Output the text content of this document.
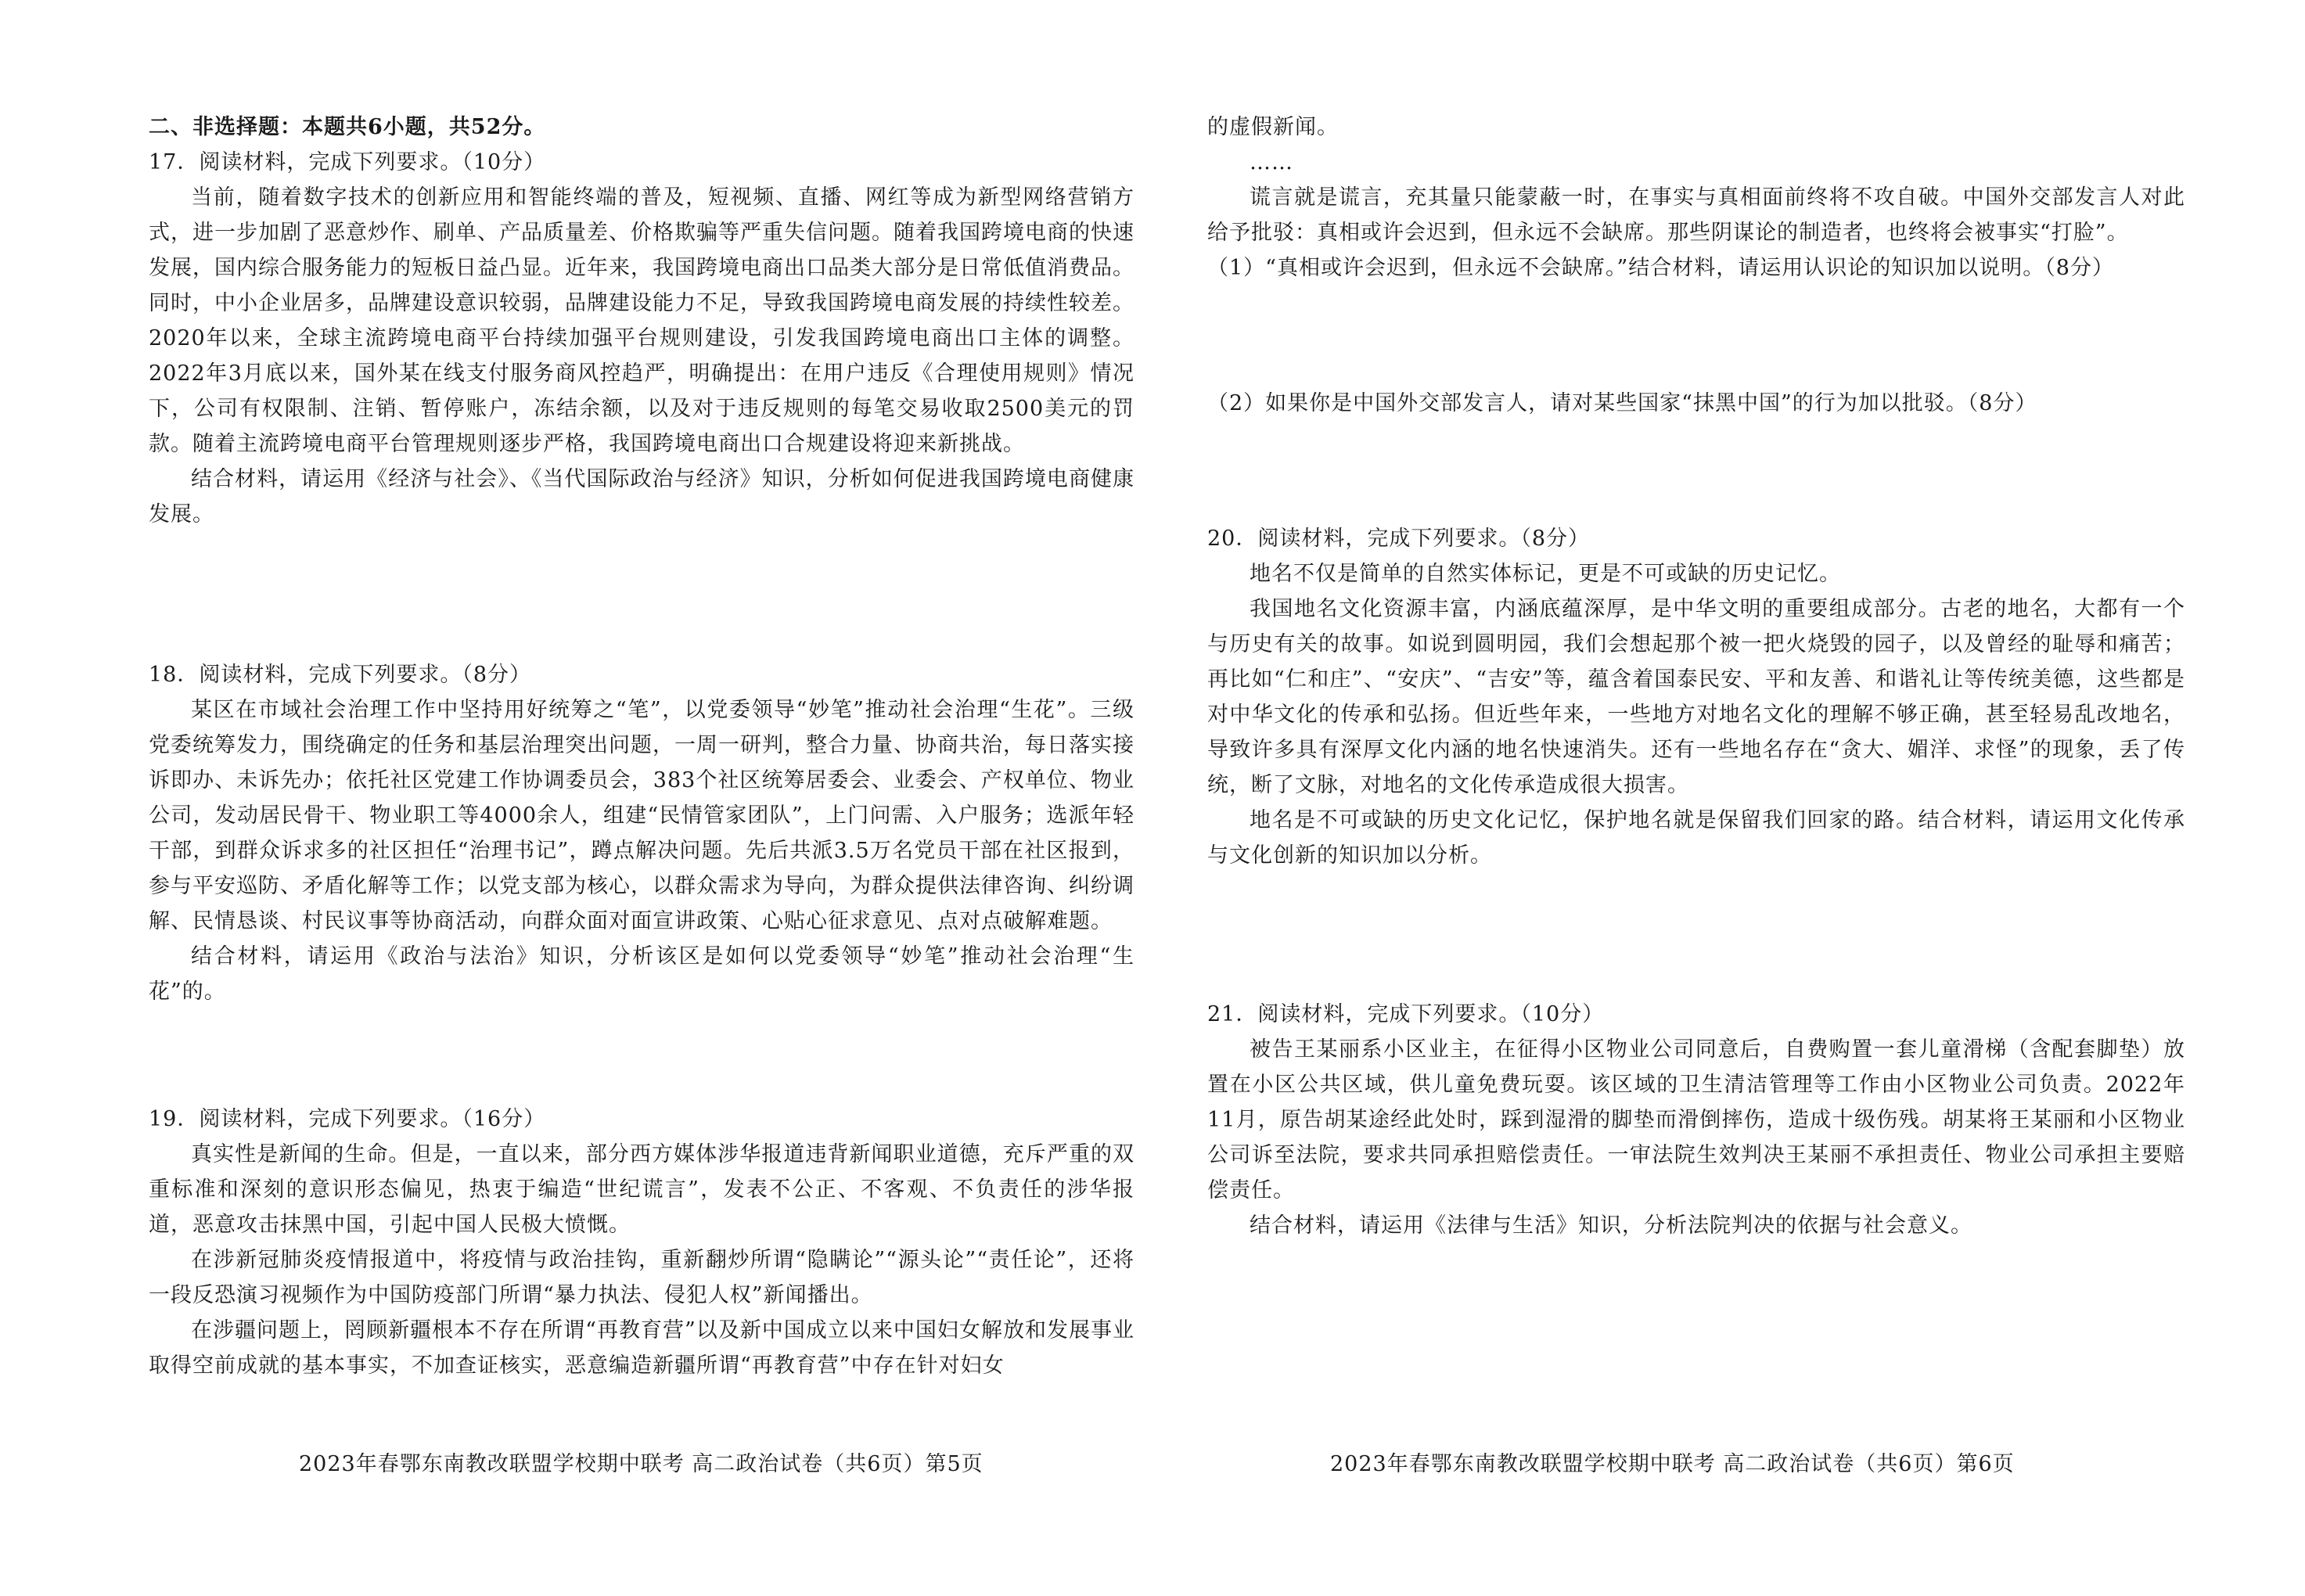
二、非选择题：本题共6小题，共52分。

17．阅读材料，完成下列要求。（10分）

当前，随着数字技术的创新应用和智能终端的普及，短视频、直播、网红等成为新型网络营销方式，进一步加剧了恶意炒作、刷单、产品质量差、价格欺骗等严重失信问题。随着我国跨境电商的快速发展，国内综合服务能力的短板日益凸显。近年来，我国跨境电商出口品类大部分是日常低值消费品。同时，中小企业居多，品牌建设意识较弱，品牌建设能力不足，导致我国跨境电商发展的持续性较差。2020年以来，全球主流跨境电商平台持续加强平台规则建设，引发我国跨境电商出口主体的调整。2022年3月底以来，国外某在线支付服务商风控趋严，明确提出：在用户违反《合理使用规则》情况下，公司有权限制、注销、暂停账户，冻结余额，以及对于违反规则的每笔交易收取2500美元的罚款。随着主流跨境电商平台管理规则逐步严格，我国跨境电商出口合规建设将迎来新挑战。

结合材料，请运用《经济与社会》、《当代国际政治与经济》知识，分析如何促进我国跨境电商健康发展。

18．阅读材料，完成下列要求。（8分）

某区在市域社会治理工作中坚持用好统筹之“笔”，以党委领导“妙笔”推动社会治理“生花”。三级党委统筹发力，围绕确定的任务和基层治理突出问题，一周一研判，整合力量、协商共治，每日落实接诉即办、未诉先办；依托社区党建工作协调委员会，383个社区统筹居委会、业委会、产权单位、物业公司，发动居民骨干、物业职工等4000余人，组建“民情管家团队”，上门问需、入户服务；选派年轻干部，到群众诉求多的社区担任“治理书记”，蹲点解决问题。先后共派3.5万名党员干部在社区报到，参与平安巡防、矛盾化解等工作；以党支部为核心，以群众需求为导向，为群众提供法律咨询、纠纷调解、民情恳谈、村民议事等协商活动，向群众面对面宣讲政策、心贴心征求意见、点对点破解难题。

结合材料，请运用《政治与法治》知识，分析该区是如何以党委领导“妙笔”推动社会治理“生花”的。

19．阅读材料，完成下列要求。（16分）

真实性是新闻的生命。但是，一直以来，部分西方媒体涉华报道违背新闻职业道德，充斥严重的双重标准和深刻的意识形态偏见，热衷于编造“世纪谎言”，发表不公正、不客观、不负责任的涉华报道，恶意攻击抹黑中国，引起中国人民极大愤慨。

在涉新冠肺炎疫情报道中，将疫情与政治挂钩，重新翻炒所谓“隐瞒论”“源头论”“责任论”，还将一段反恐演习视频作为中国防疫部门所谓“暴力执法、侵犯人权”新闻播出。

在涉疆问题上，罔顾新疆根本不存在所谓“再教育营”以及新中国成立以来中国妇女解放和发展事业取得空前成就的基本事实，不加查证核实，恶意编造新疆所谓“再教育营”中存在针对妇女

2023年春鄂东南教改联盟学校期中联考 高二政治试卷（共6页）第5页

的虚假新闻。

……

谎言就是谎言，充其量只能蒙蔽一时，在事实与真相面前终将不攻自破。中国外交部发言人对此给予批驳：真相或许会迟到，但永远不会缺席。那些阴谋论的制造者，也终将会被事实“打脸”。

（1）“真相或许会迟到，但永远不会缺席。”结合材料，请运用认识论的知识加以说明。（8分）

（2）如果你是中国外交部发言人，请对某些国家“抹黑中国”的行为加以批驳。（8分）

20．阅读材料，完成下列要求。（8分）

地名不仅是简单的自然实体标记，更是不可或缺的历史记忆。

我国地名文化资源丰富，内涵底蕴深厚，是中华文明的重要组成部分。古老的地名，大都有一个与历史有关的故事。如说到圆明园，我们会想起那个被一把火烧毁的园子，以及曾经的耻辱和痛苦；再比如“仁和庄”、“安庆”、“吉安”等，蕴含着国泰民安、平和友善、和谐礼让等传统美德，这些都是对中华文化的传承和弘扬。但近些年来，一些地方对地名文化的理解不够正确，甚至轻易乱改地名，导致许多具有深厚文化内涵的地名快速消失。还有一些地名存在“贪大、媚洋、求怪”的现象，丢了传统，断了文脉，对地名的文化传承造成很大损害。

地名是不可或缺的历史文化记忆，保护地名就是保留我们回家的路。结合材料，请运用文化传承与文化创新的知识加以分析。

21．阅读材料，完成下列要求。（10分）

被告王某丽系小区业主，在征得小区物业公司同意后，自费购置一套儿童滑梯（含配套脚垫）放置在小区公共区域，供儿童免费玩耍。该区域的卫生清洁管理等工作由小区物业公司负责。2022年11月，原告胡某途经此处时，踩到湿滑的脚垫而滑倒摔伤，造成十级伤残。胡某将王某丽和小区物业公司诉至法院，要求共同承担赔偿责任。一审法院生效判决王某丽不承担责任、物业公司承担主要赔偿责任。

结合材料，请运用《法律与生活》知识，分析法院判决的依据与社会意义。

2023年春鄂东南教改联盟学校期中联考 高二政治试卷（共6页）第6页
